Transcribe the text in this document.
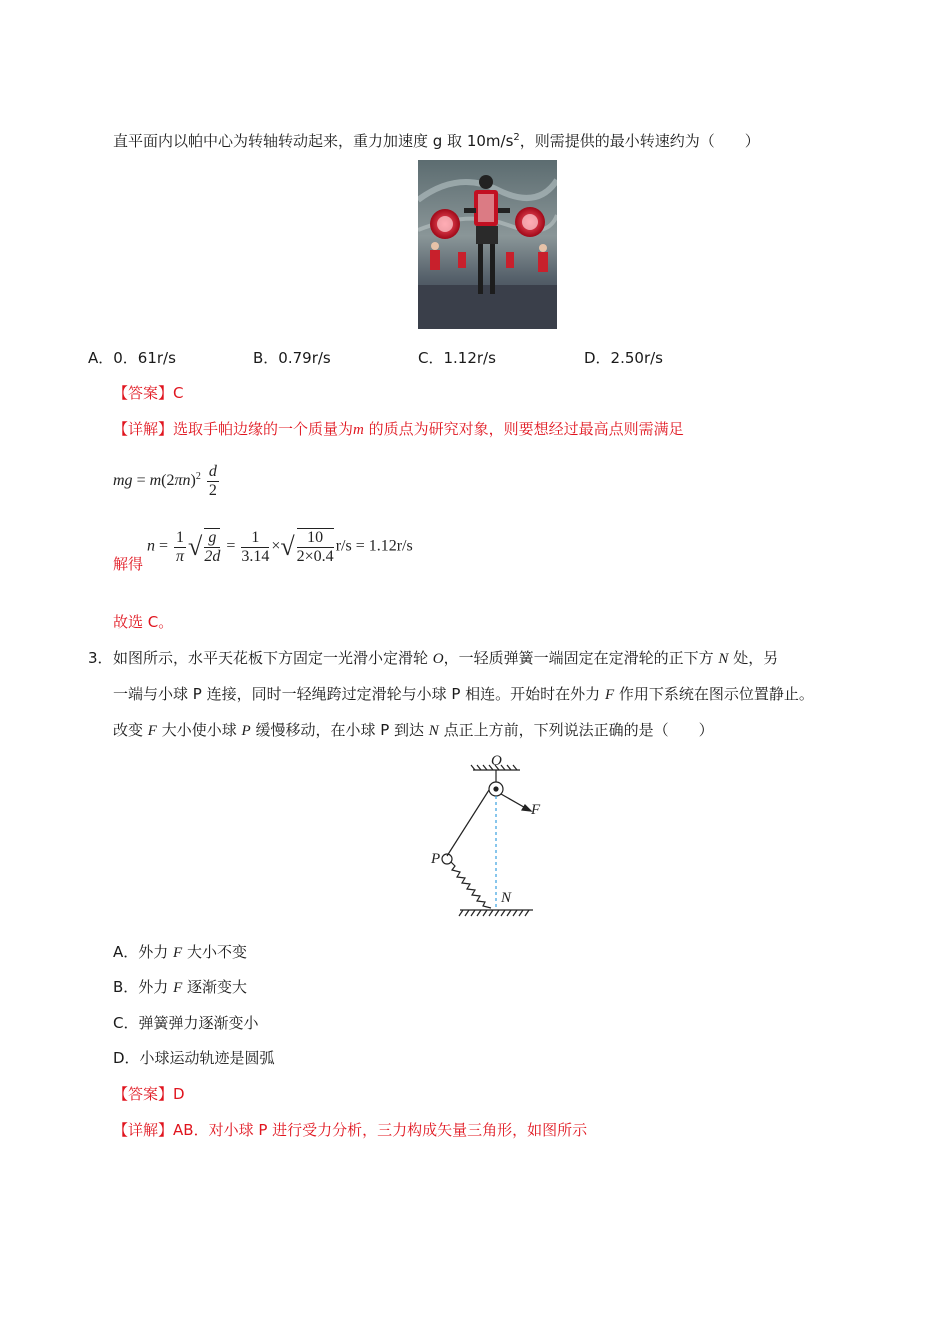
直平面内以帕中心为转轴转动起来，重力加速度 g 取 $10m/s^2$，则需提供的最小转速约为（　　）
A．0．61r/s	B．0.79r/s	C．1.12r/s	D．2.50r/s
【答案】C
【详解】选取手帕边缘的一个质量为m 的质点为研究对象，则要想经过最高点则需满足
mg = $m(2\pi n)^2 \frac{d}{2}$
解得
$n = \frac{1}{\pi}$ √ $\frac{g}{2d} = \frac{1}{3.14}$ ×√ $\frac{10}{2\times 0.4} r/s = 1.12r/s$
故选 C。
3． 如图所示，水平天花板下方固定一光滑小定滑轮 O，一轻质弹簧一端固定在定滑轮的正下方 N 处，另
一端与小球 P 连接，同时一轻绳跨过定滑轮与小球 P 相连。开始时在外力 F 作用下系统在图示位置静止。
改变 F 大小使小球 P 缓慢移动，在小球 P 到达 N 点正上方前，下列说法正确的是（　　）
O
F
P
N
A．外力 F 大小不变
B．外力 F 逐渐变大
C．弹簧弹力逐渐变小
D．小球运动轨迹是圆弧
【答案】D
【详解】AB．对小球 P 进行受力分析，三力构成矢量三角形，如图所示
